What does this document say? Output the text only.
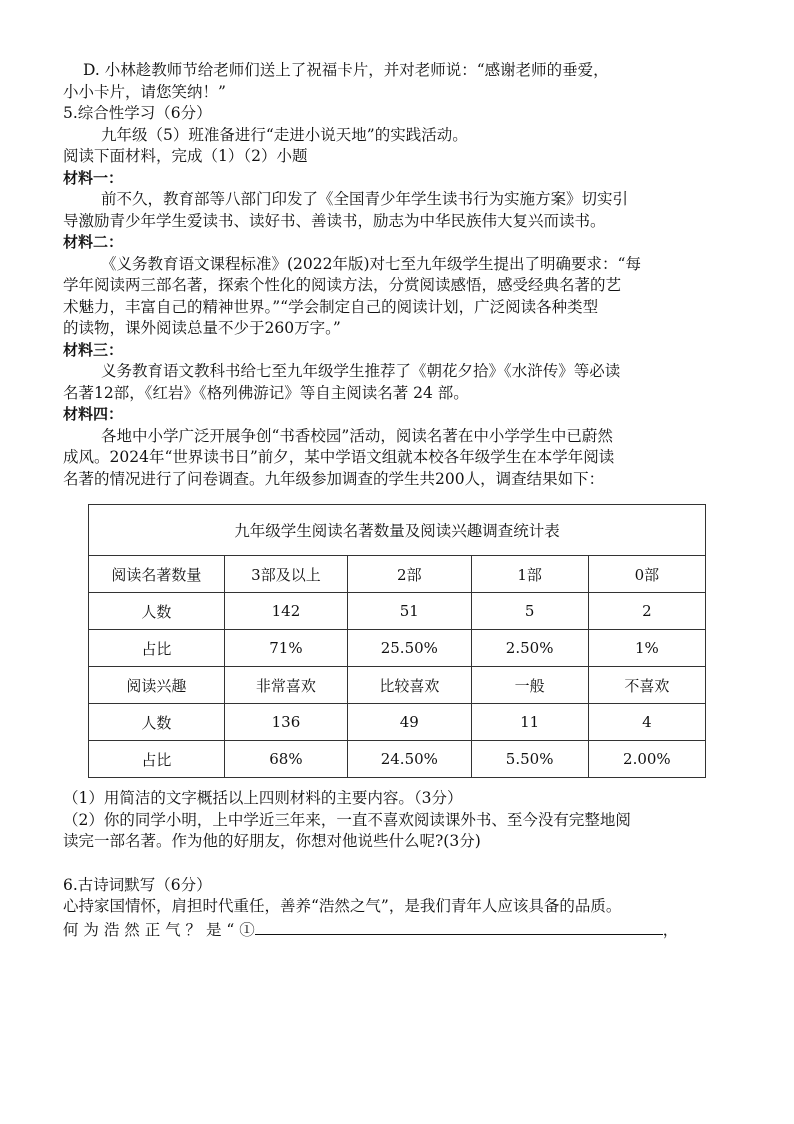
D. 小林趁教师节给老师们送上了祝福卡片，并对老师说：“感谢老师的垂爱，
小小卡片，请您笑纳！”
5.综合性学习（6分）
九年级（5）班准备进行“走进小说天地”的实践活动。
阅读下面材料，完成（1）（2）小题
材料一：
前不久，教育部等八部门印发了《全国青少年学生读书行为实施方案》切实引
导激励青少年学生爱读书、读好书、善读书，励志为中华民族伟大复兴而读书。
材料二：
《义务教育语文课程标准》(2022年版)对七至九年级学生提出了明确要求：“每
学年阅读两三部名著，探索个性化的阅读方法，分赏阅读感悟，感受经典名著的艺
术魅力，丰富自己的精神世界。”“学会制定自己的阅读计划，广泛阅读各种类型
的读物，课外阅读总量不少于260万字。”
材料三：
义务教育语文教科书给七至九年级学生推荐了《朝花夕拾》《水浒传》等必读
名著12部，《红岩》《格列佛游记》等自主阅读名著 24 部。
材料四：
各地中小学广泛开展争创“书香校园”活动，阅读名著在中小学学生中已蔚然
成风。2024年“世界读书日”前夕，某中学语文组就本校各年级学生在本学年阅读
名著的情况进行了问卷调查。九年级参加调查的学生共200人，调查结果如下：
九年级学生阅读名著数量及阅读兴趣调查统计表				
阅读名著数量	3部及以上	2部	1部	0部
人数	142	51	5	2
占比	71%	25.50%	2.50%	1%
阅读兴趣	非常喜欢	比较喜欢	一般	不喜欢
人数	136	49	11	4
占比	68%	24.50%	5.50%	2.00%
（1）用简洁的文字概括以上四则材料的主要内容。（3分）
（2）你的同学小明，上中学近三年来，一直不喜欢阅读课外书、至今没有完整地阅
读完一部名著。作为他的好朋友，你想对他说些什么呢?(3分)
6.古诗词默写（6分）
心持家国情怀，肩担时代重任，善养“浩然之气”，是我们青年人应该具备的品质。
何 为 浩 然 正 气 ？ 是 “ ①	，
